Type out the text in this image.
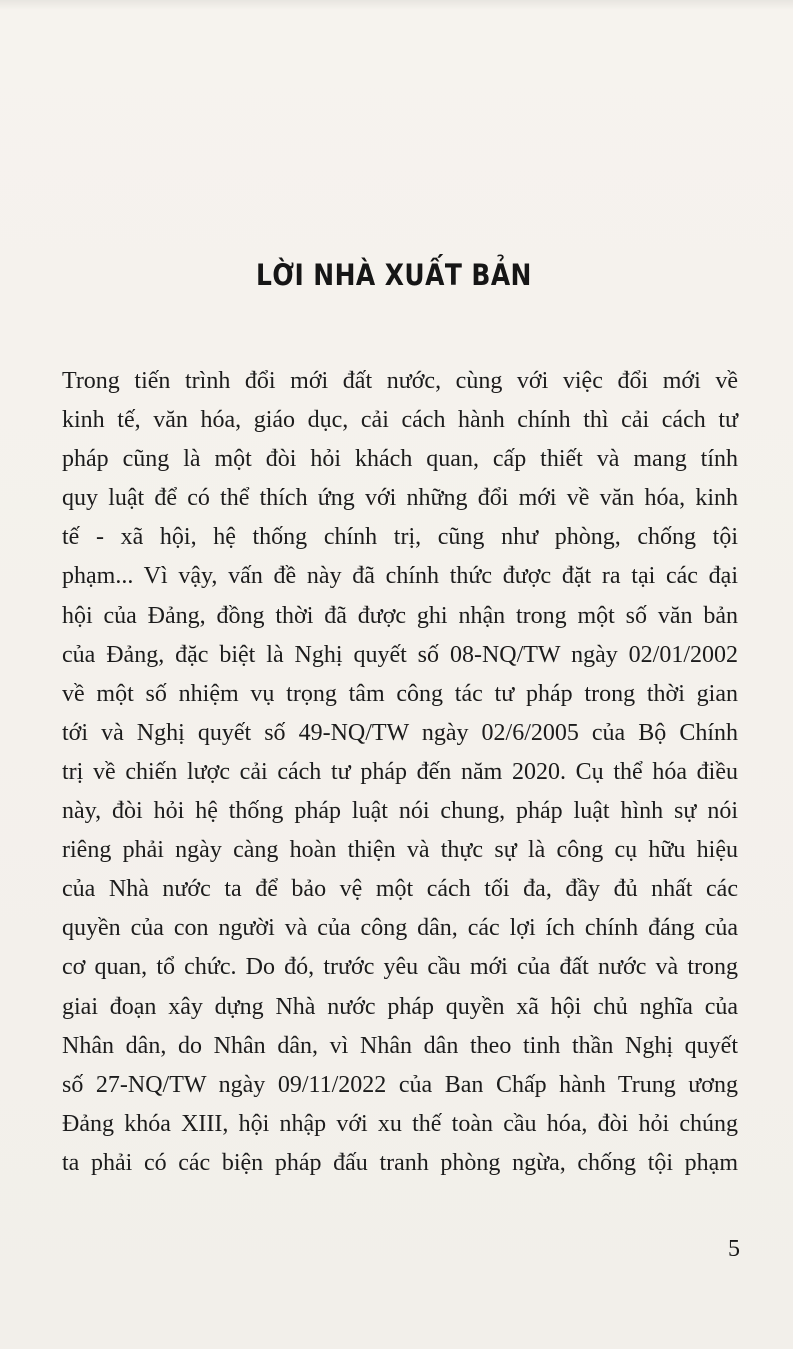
LỜI NHÀ XUẤT BẢN
Trong tiến trình đổi mới đất nước, cùng với việc đổi mới về
kinh tế, văn hóa, giáo dục, cải cách hành chính thì cải cách tư
pháp cũng là một đòi hỏi khách quan, cấp thiết và mang tính
quy luật để có thể thích ứng với những đổi mới về văn hóa, kinh
tế - xã hội, hệ thống chính trị, cũng như phòng, chống tội
phạm... Vì vậy, vấn đề này đã chính thức được đặt ra tại các đại
hội của Đảng, đồng thời đã được ghi nhận trong một số văn bản
của Đảng, đặc biệt là Nghị quyết số 08-NQ/TW ngày 02/01/2002
về một số nhiệm vụ trọng tâm công tác tư pháp trong thời gian
tới và Nghị quyết số 49-NQ/TW ngày 02/6/2005 của Bộ Chính
trị về chiến lược cải cách tư pháp đến năm 2020. Cụ thể hóa điều
này, đòi hỏi hệ thống pháp luật nói chung, pháp luật hình sự nói
riêng phải ngày càng hoàn thiện và thực sự là công cụ hữu hiệu
của Nhà nước ta để bảo vệ một cách tối đa, đầy đủ nhất các
quyền của con người và của công dân, các lợi ích chính đáng của
cơ quan, tổ chức. Do đó, trước yêu cầu mới của đất nước và trong
giai đoạn xây dựng Nhà nước pháp quyền xã hội chủ nghĩa của
Nhân dân, do Nhân dân, vì Nhân dân theo tinh thần Nghị quyết
số 27-NQ/TW ngày 09/11/2022 của Ban Chấp hành Trung ương
Đảng khóa XIII, hội nhập với xu thế toàn cầu hóa, đòi hỏi chúng
ta phải có các biện pháp đấu tranh phòng ngừa, chống tội phạm
5
